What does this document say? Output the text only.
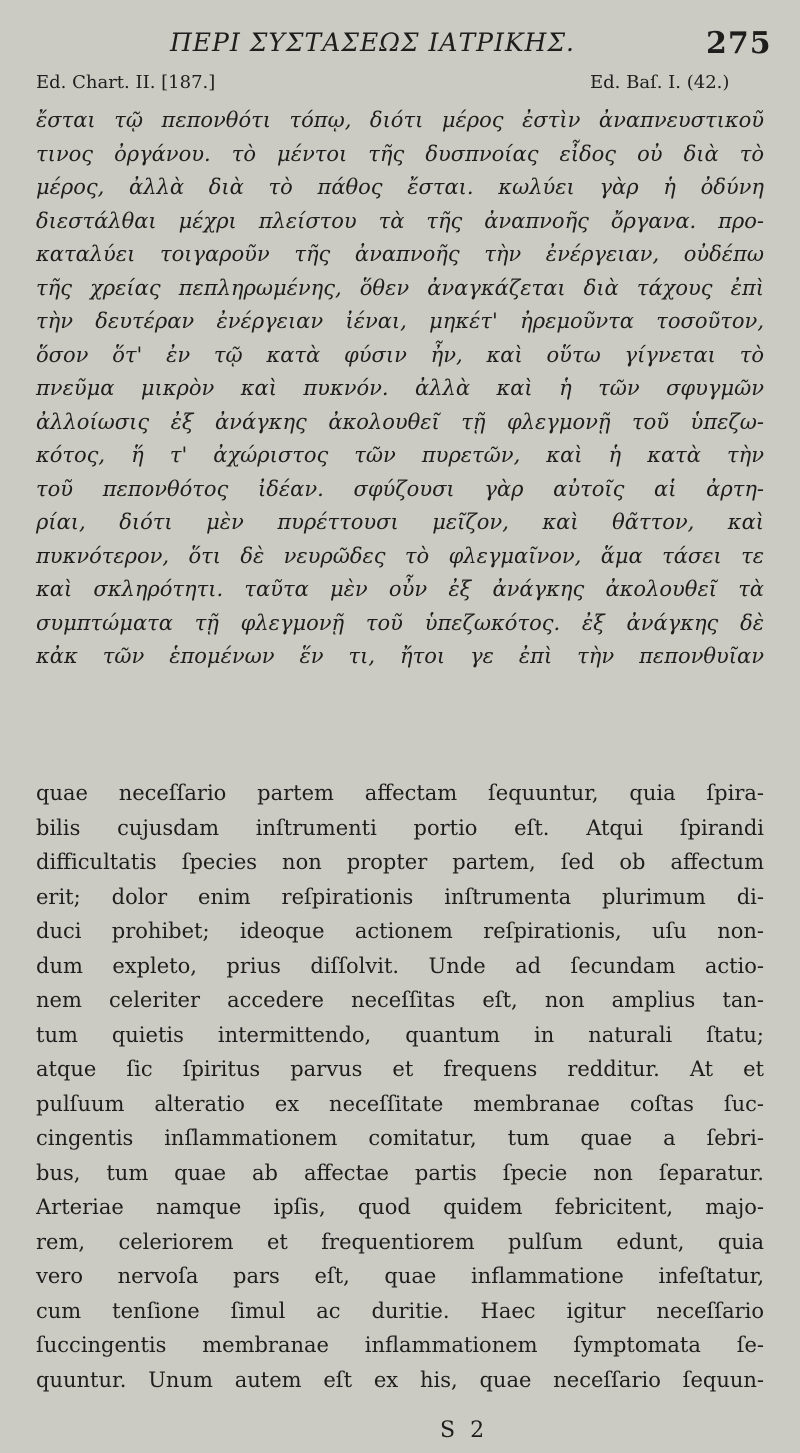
ΠΕΡΙ ΣΥΣΤΑΣΕΩΣ ΙΑΤΡΙΚΗΣ.	275
Ed. Chart. II. [187.]	Ed. Baſ. I. (42.)
ἔσται τῷ πεπονθότι τόπῳ, διότι μέρος ἐστὶν ἀναπνευστικοῦ
τινος ὀργάνου. τὸ μέντοι τῆς δυσπνοίας εἶδος οὐ διὰ τὸ
μέρος, ἀλλὰ διὰ τὸ πάθος ἔσται. κωλύει γὰρ ἡ ὀδύνη
διεστάλθαι μέχρι πλείστου τὰ τῆς ἀναπνοῆς ὄργανα. προ-
καταλύει τοιγαροῦν τῆς ἀναπνοῆς τὴν ἐνέργειαν, οὐδέπω
τῆς χρείας πεπληρωμένης, ὅθεν ἀναγκάζεται διὰ τάχους ἐπὶ
τὴν δευτέραν ἐνέργειαν ἰέναι, μηκέτ' ἠρεμοῦντα τοσοῦτον,
ὅσον ὅτ' ἐν τῷ κατὰ φύσιν ἦν, καὶ οὕτω γίγνεται τὸ
πνεῦμα μικρὸν καὶ πυκνόν. ἀλλὰ καὶ ἡ τῶν σφυγμῶν
ἀλλοίωσις ἐξ ἀνάγκης ἀκολουθεῖ τῇ φλεγμονῇ τοῦ ὑπεζω-
κότος, ἥ τ' ἀχώριστος τῶν πυρετῶν, καὶ ἡ κατὰ τὴν
τοῦ πεπονθότος ἰδέαν. σφύζουσι γὰρ αὐτοῖς αἱ ἀρτη-
ρίαι, διότι μὲν πυρέττουσι μεῖζον, καὶ θᾶττον, καὶ
πυκνότερον, ὅτι δὲ νευρῶδες τὸ φλεγμαῖνον, ἅμα τάσει τε
καὶ σκληρότητι. ταῦτα μὲν οὖν ἐξ ἀνάγκης ἀκολουθεῖ τὰ
συμπτώματα τῇ φλεγμονῇ τοῦ ὑπεζωκότος. ἐξ ἀνάγκης δὲ
κἀκ τῶν ἑπομένων ἕν τι, ἤτοι γε ἐπὶ τὴν πεπονθυῖαν
quae neceſſario partem affectam ſequuntur, quia ſpira-
bilis cujusdam inſtrumenti portio eſt. Atqui ſpirandi
difficultatis ſpecies non propter partem, ſed ob affectum
erit; dolor enim reſpirationis inſtrumenta plurimum di-
duci prohibet; ideoque actionem reſpirationis, uſu non-
dum expleto, prius diſſolvit. Unde ad ſecundam actio-
nem celeriter accedere neceſſitas eſt, non amplius tan-
tum quietis intermittendo, quantum in naturali ſtatu;
atque ſic ſpiritus parvus et frequens redditur. At et
pulſuum alteratio ex neceſſitate membranae coſtas ſuc-
cingentis inſlammationem comitatur, tum quae a ſebri-
bus, tum quae ab affectae partis ſpecie non ſeparatur.
Arteriae namque ipſis, quod quidem febricitent, majo-
rem, celeriorem et frequentiorem pulſum edunt, quia
vero nervoſa pars eſt, quae inflammatione infeſtatur,
cum tenſione ſimul ac duritie. Haec igitur neceſſario
ſuccingentis membranae inflammationem ſymptomata ſe-
quuntur. Unum autem eſt ex his, quae neceſſario ſequun-
S 2
